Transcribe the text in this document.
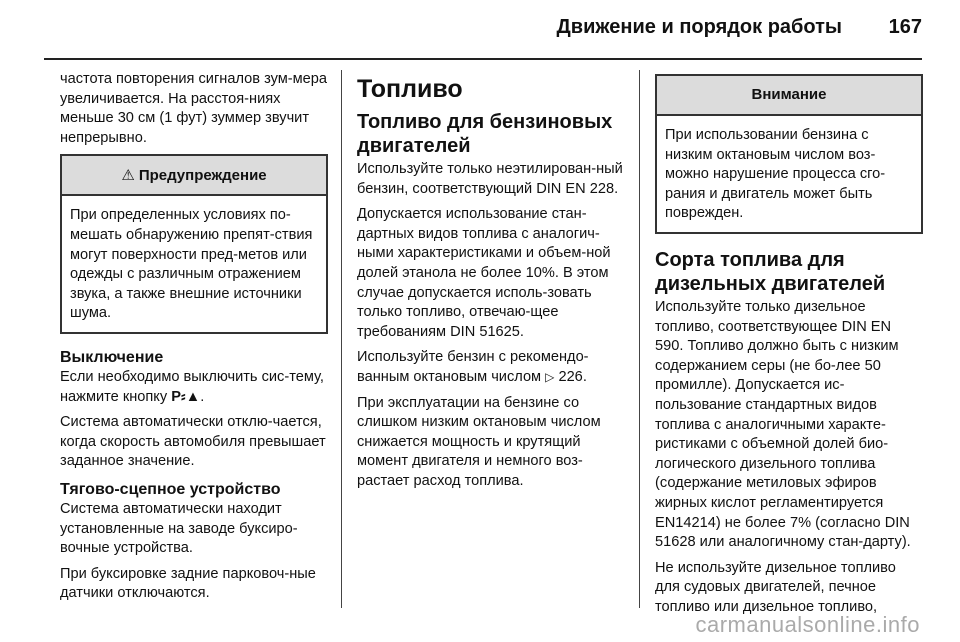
Движение и порядок работы 167

частота повторения сигналов зум-мера увеличивается. На расстоя-ниях меньше 30 см (1 фут) зуммер звучит непрерывно.

⚠ Предупреждение
При определенных условиях по-мешать обнаружению препят-ствия могут поверхности пред-метов или одежды с различным отражением звука, а также внешние источники шума.
Выключение

Если необходимо выключить сис-тему, нажмите кнопку P⸗▲.

Система автоматически отклю-чается, когда скорость автомобиля превышает заданное значение.

Тягово-сцепное устройство

Система автоматически находит установленные на заводе буксиро-вочные устройства.

При буксировке задние парковоч-ные датчики отключаются.

Топливо
Топливо для бензиновых двигателей

Используйте только неэтилирован-ный бензин, соответствующий DIN EN 228.

Допускается использование стан-дартных видов топлива с аналогич-ными характеристиками и объем-ной долей этанола не более 10%. В этом случае допускается исполь-зовать только топливо, отвечаю-щее требованиям DIN 51625.

Используйте бензин с рекомендо-ванным октановым числом ▷ 226.

При эксплуатации на бензине со слишком низким октановым числом снижается мощность и крутящий момент двигателя и немного воз-растает расход топлива.

Внимание
При использовании бензина с низким октановым числом воз-можно нарушение процесса сго-рания и двигатель может быть поврежден.
Сорта топлива для дизельных двигателей

Используйте только дизельное топливо, соответствующее DIN EN 590. Топливо должно быть с низким содержанием серы (не бо-лее 50 промилле). Допускается ис-пользование стандартных видов топлива с аналогичными характе-ристиками с объемной долей био-логического дизельного топлива (содержание метиловых эфиров жирных кислот регламентируется EN14214) не более 7% (согласно DIN 51628 или аналогичному стан-дарту).

Не используйте дизельное топливо для судовых двигателей, печное топливо или дизельное топливо,

carmanualsonline.info
